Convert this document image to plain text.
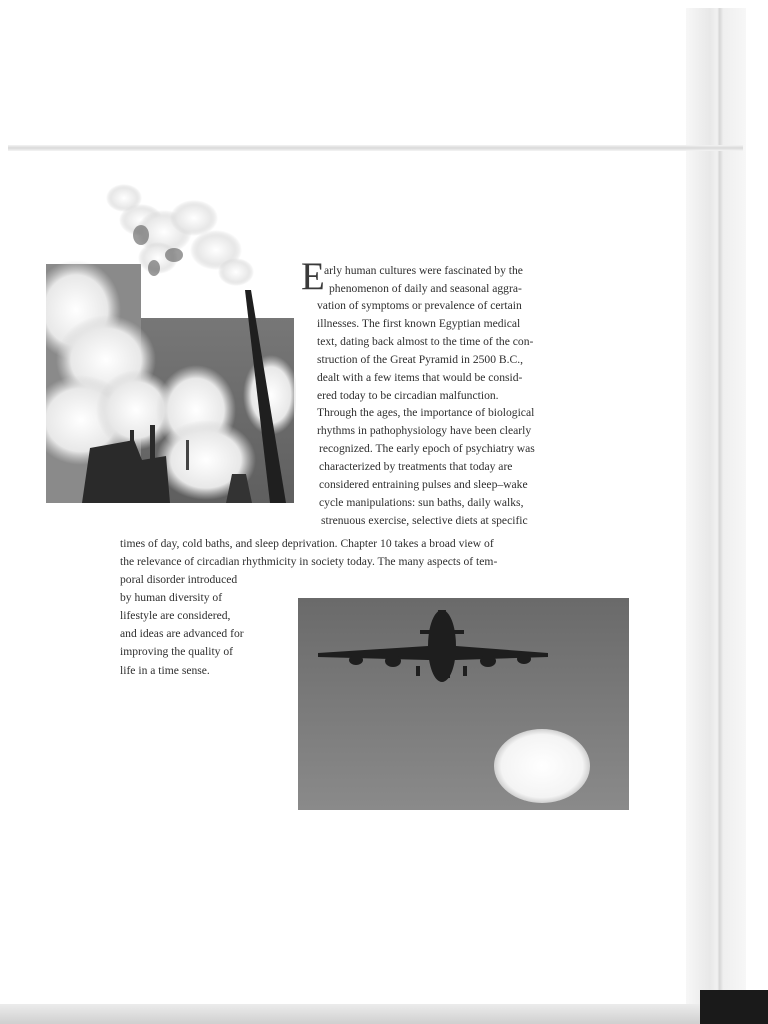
E arly human cultures were fascinated by the
phenomenon of daily and seasonal aggra-
vation of symptoms or prevalence of certain
illnesses. The first known Egyptian medical
text, dating back almost to the time of the con-
struction of the Great Pyramid in 2500 B.C.,
dealt with a few items that would be consid-
ered today to be circadian malfunction.
Through the ages, the importance of biological
rhythms in pathophysiology have been clearly
recognized. The early epoch of psychiatry was
characterized by treatments that today are
considered entraining pulses and sleep–wake
cycle manipulations: sun baths, daily walks,
strenuous exercise, selective diets at specific
times of day, cold baths, and sleep deprivation. Chapter 10 takes a broad view of
the relevance of circadian rhythmicity in society today. The many aspects of tem-
poral disorder introduced
by human diversity of
lifestyle are considered,
and ideas are advanced for
improving the quality of
life in a time sense.
